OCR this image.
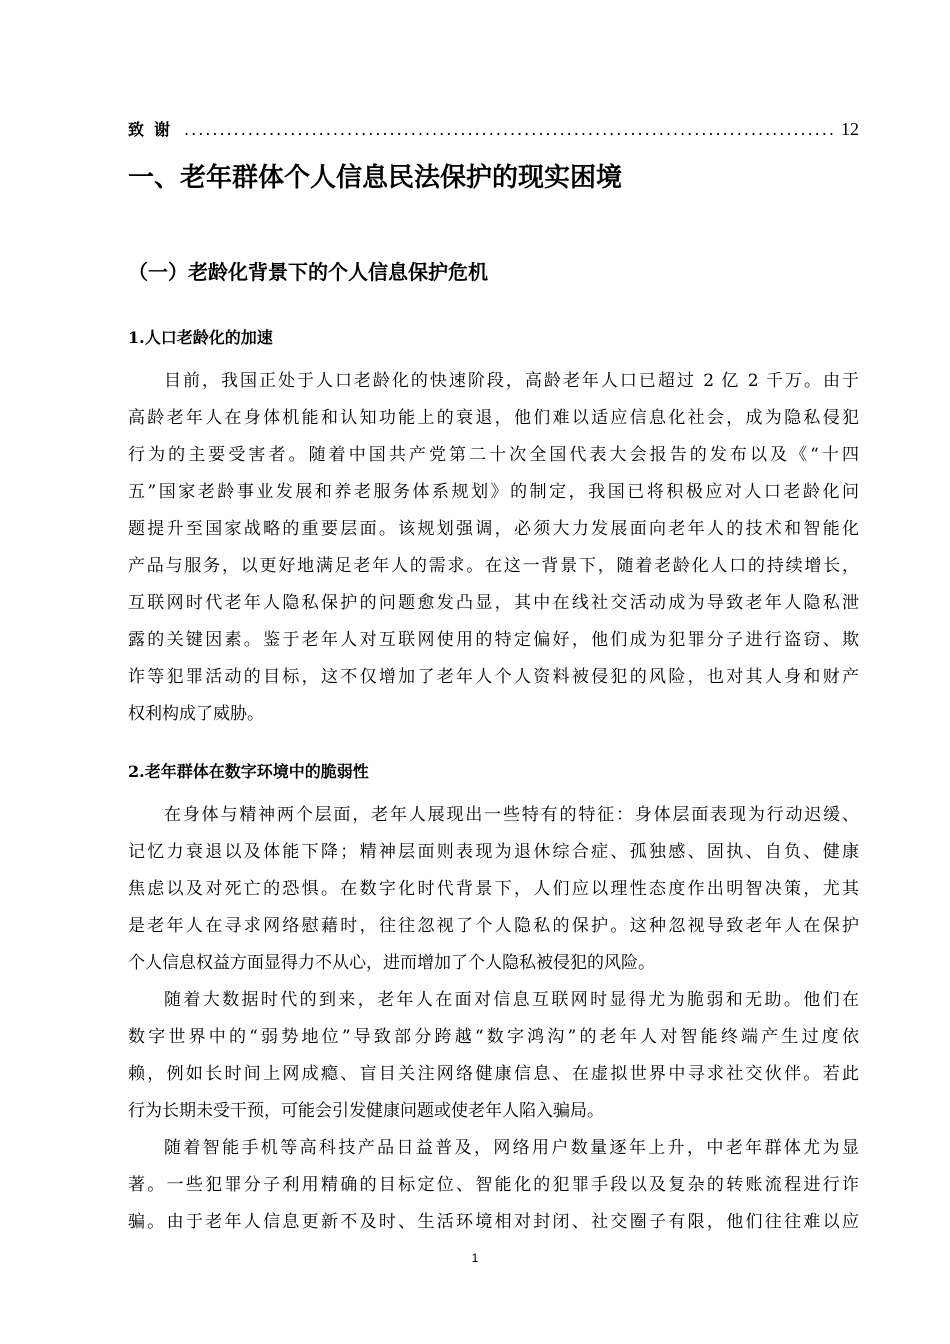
致谢
.....	12
一、老年群体个人信息民法保护的现实困境
（一）老龄化背景下的个人信息保护危机
1.人口老龄化的加速
目前，我国正处于人口老龄化的快速阶段，高龄老年人口已超过 2 亿 2 千万。由于
高龄老年人在身体机能和认知功能上的衰退，他们难以适应信息化社会，成为隐私侵犯
行为的主要受害者。随着中国共产党第二十次全国代表大会报告的发布以及《“十四
五”国家老龄事业发展和养老服务体系规划》的制定，我国已将积极应对人口老龄化问
题提升至国家战略的重要层面。该规划强调，必须大力发展面向老年人的技术和智能化
产品与服务，以更好地满足老年人的需求。在这一背景下，随着老龄化人口的持续增长，
互联网时代老年人隐私保护的问题愈发凸显，其中在线社交活动成为导致老年人隐私泄
露的关键因素。鉴于老年人对互联网使用的特定偏好，他们成为犯罪分子进行盗窃、欺
诈等犯罪活动的目标，这不仅增加了老年人个人资料被侵犯的风险，也对其人身和财产
权利构成了威胁。
2.老年群体在数字环境中的脆弱性
在身体与精神两个层面，老年人展现出一些特有的特征：身体层面表现为行动迟缓、
记忆力衰退以及体能下降；精神层面则表现为退休综合症、孤独感、固执、自负、健康
焦虑以及对死亡的恐惧。在数字化时代背景下，人们应以理性态度作出明智决策，尤其
是老年人在寻求网络慰藉时，往往忽视了个人隐私的保护。这种忽视导致老年人在保护
个人信息权益方面显得力不从心，进而增加了个人隐私被侵犯的风险。
随着大数据时代的到来，老年人在面对信息互联网时显得尤为脆弱和无助。他们在
数字世界中的“弱势地位”导致部分跨越“数字鸿沟”的老年人对智能终端产生过度依
赖，例如长时间上网成瘾、盲目关注网络健康信息、在虚拟世界中寻求社交伙伴。若此
行为长期未受干预，可能会引发健康问题或使老年人陷入骗局。
随着智能手机等高科技产品日益普及，网络用户数量逐年上升，中老年群体尤为显
著。一些犯罪分子利用精确的目标定位、智能化的犯罪手段以及复杂的转账流程进行诈
骗。由于老年人信息更新不及时、生活环境相对封闭、社交圈子有限，他们往往难以应
1
